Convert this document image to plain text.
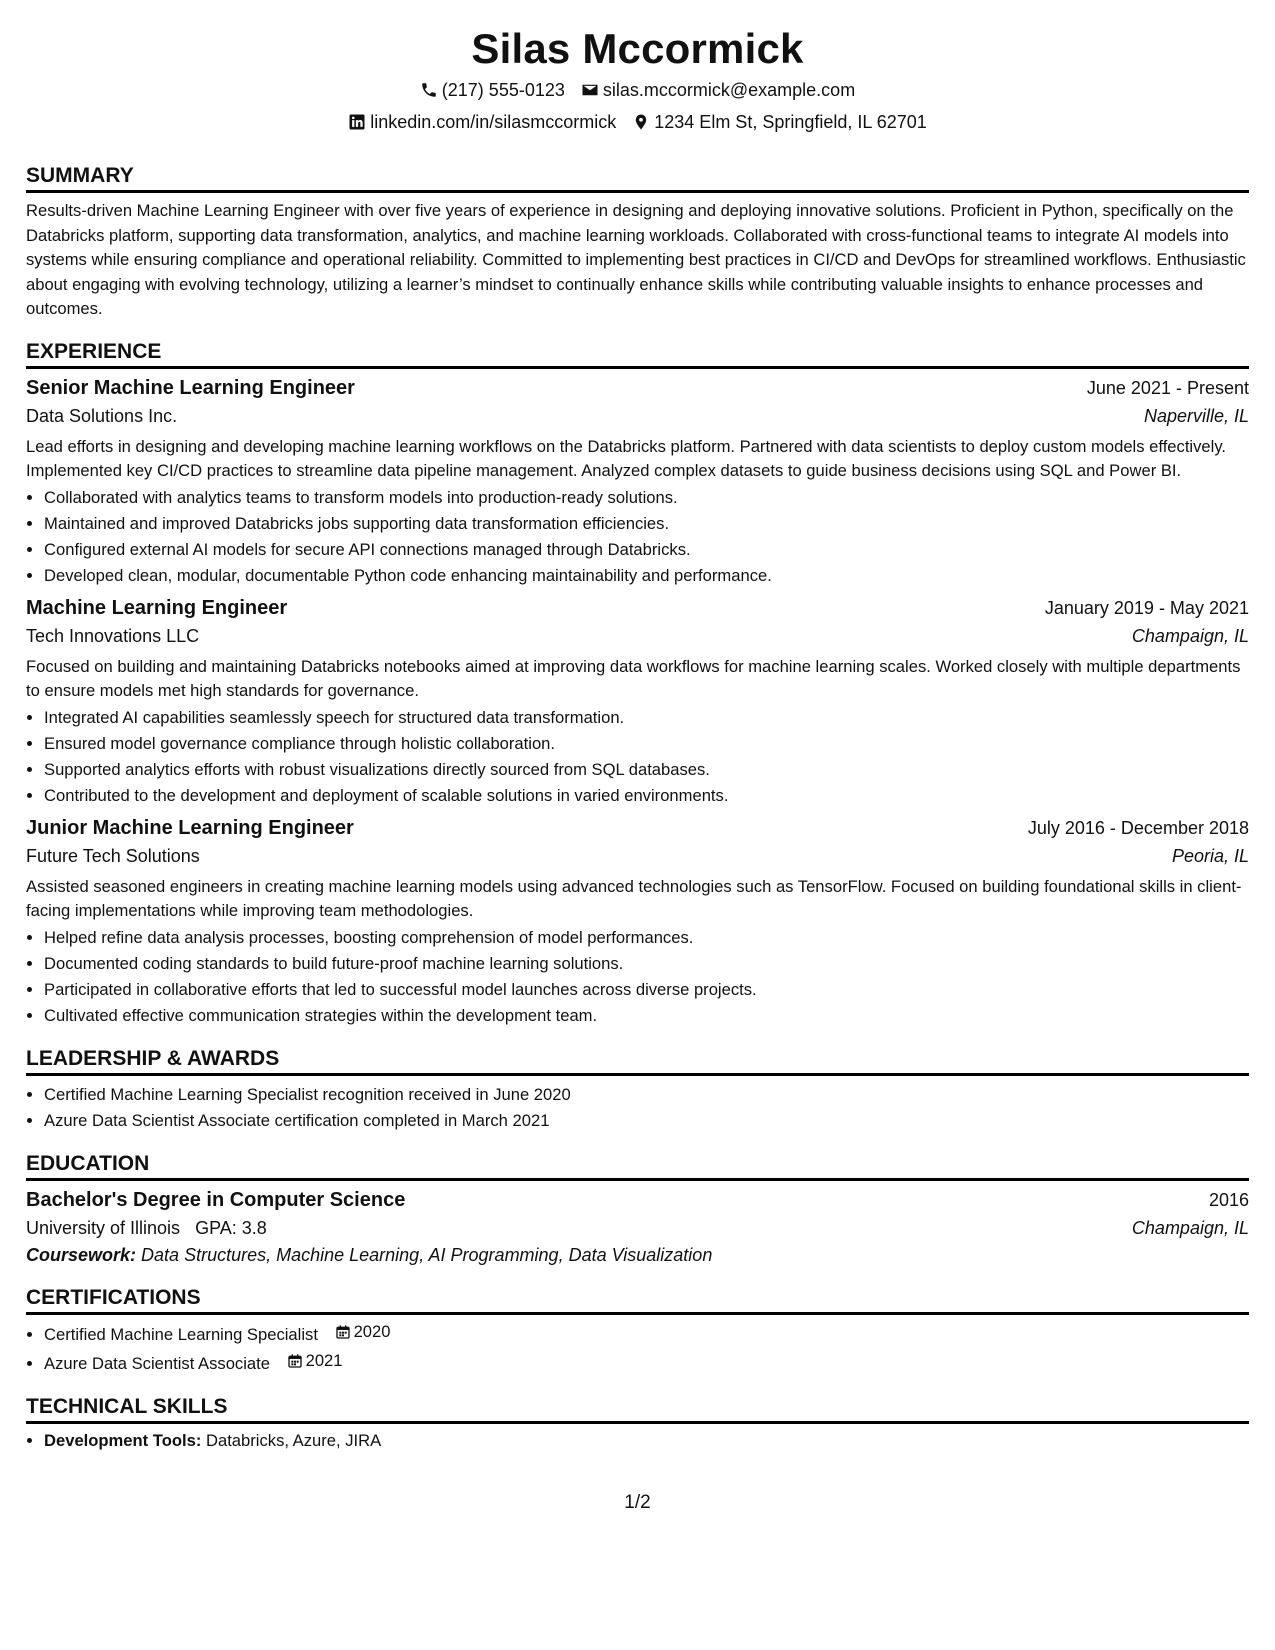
Silas Mccormick
(217) 555-0123 silas.mccormick@example.com
linkedin.com/in/silasmccormick 1234 Elm St, Springfield, IL 62701
SUMMARY

Results-driven Machine Learning Engineer with over five years of experience in designing and deploying innovative solutions. Proficient in Python, specifically on the Databricks platform, supporting data transformation, analytics, and machine learning workloads. Collaborated with cross-functional teams to integrate AI models into systems while ensuring compliance and operational reliability. Committed to implementing best practices in CI/CD and DevOps for streamlined workflows. Enthusiastic about engaging with evolving technology, utilizing a learner’s mindset to continually enhance skills while contributing valuable insights to enhance processes and outcomes.

EXPERIENCE
Senior Machine Learning Engineer	June 2021 - Present
Data Solutions Inc.	Naperville, IL

Lead efforts in designing and developing machine learning workflows on the Databricks platform. Partnered with data scientists to deploy custom models effectively. Implemented key CI/CD practices to streamline data pipeline management. Analyzed complex datasets to guide business decisions using SQL and Power BI.

• Collaborated with analytics teams to transform models into production-ready solutions.
• Maintained and improved Databricks jobs supporting data transformation efficiencies.
• Configured external AI models for secure API connections managed through Databricks.
• Developed clean, modular, documentable Python code enhancing maintainability and performance.
Machine Learning Engineer	January 2019 - May 2021
Tech Innovations LLC	Champaign, IL

Focused on building and maintaining Databricks notebooks aimed at improving data workflows for machine learning scales. Worked closely with multiple departments to ensure models met high standards for governance.

• Integrated AI capabilities seamlessly speech for structured data transformation.
• Ensured model governance compliance through holistic collaboration.
• Supported analytics efforts with robust visualizations directly sourced from SQL databases.
• Contributed to the development and deployment of scalable solutions in varied environments.
Junior Machine Learning Engineer	July 2016 - December 2018
Future Tech Solutions	Peoria, IL

Assisted seasoned engineers in creating machine learning models using advanced technologies such as TensorFlow. Focused on building foundational skills in client-facing implementations while improving team methodologies.

• Helped refine data analysis processes, boosting comprehension of model performances.
• Documented coding standards to build future-proof machine learning solutions.
• Participated in collaborative efforts that led to successful model launches across diverse projects.
• Cultivated effective communication strategies within the development team.
LEADERSHIP & AWARDS
• Certified Machine Learning Specialist recognition received in June 2020
• Azure Data Scientist Associate certification completed in March 2021
EDUCATION
Bachelor's Degree in Computer Science	2016
University of Illinois GPA: 3.8	Champaign, IL
Coursework: Data Structures, Machine Learning, AI Programming, Data Visualization
CERTIFICATIONS
• Certified Machine Learning Specialist 2020
• Azure Data Scientist Associate 2021
TECHNICAL SKILLS
• Development Tools: Databricks, Azure, JIRA
1/2
